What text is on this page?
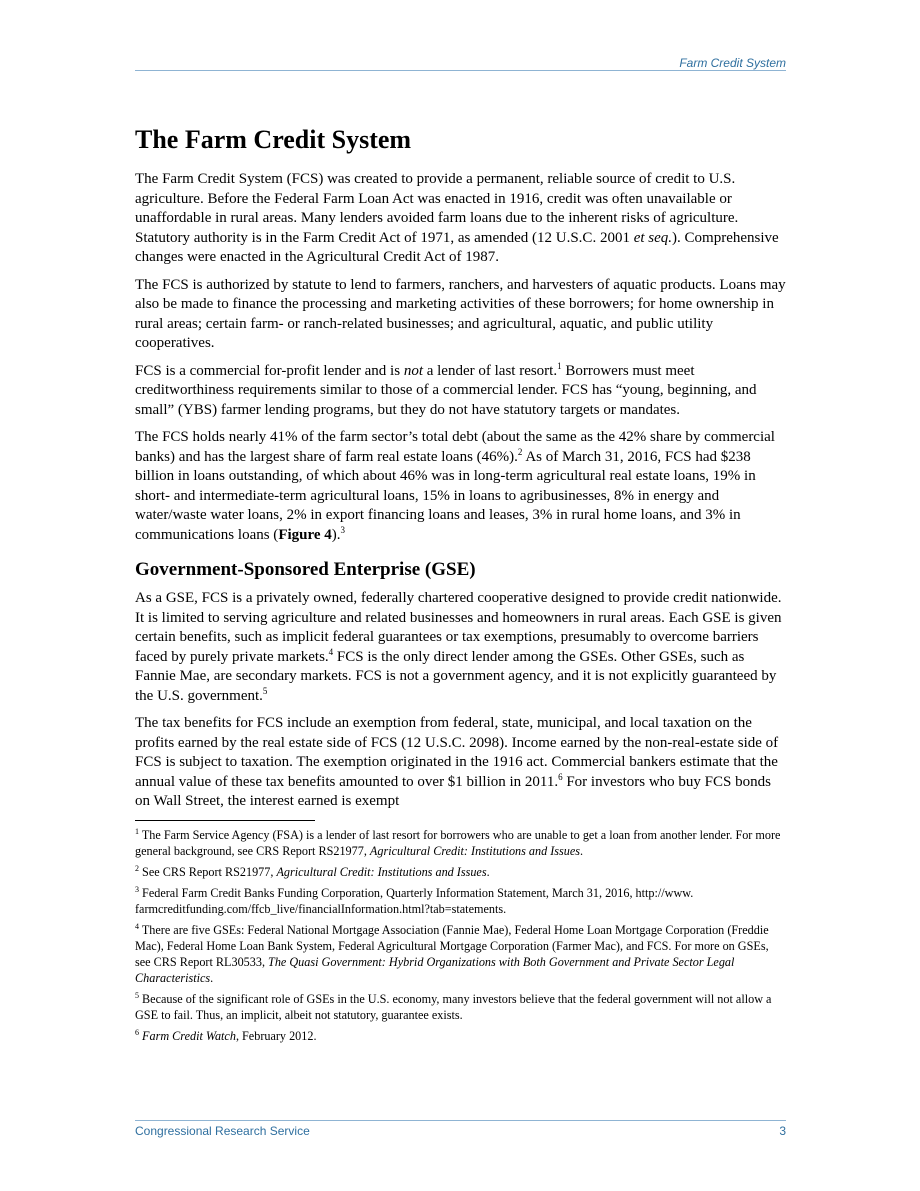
Farm Credit System
The Farm Credit System

The Farm Credit System (FCS) was created to provide a permanent, reliable source of credit to U.S. agriculture. Before the Federal Farm Loan Act was enacted in 1916, credit was often unavailable or unaffordable in rural areas. Many lenders avoided farm loans due to the inherent risks of agriculture. Statutory authority is in the Farm Credit Act of 1971, as amended (12 U.S.C. 2001 et seq.). Comprehensive changes were enacted in the Agricultural Credit Act of 1987.

The FCS is authorized by statute to lend to farmers, ranchers, and harvesters of aquatic products. Loans may also be made to finance the processing and marketing activities of these borrowers; for home ownership in rural areas; certain farm- or ranch-related businesses; and agricultural, aquatic, and public utility cooperatives.

FCS is a commercial for-profit lender and is not a lender of last resort.$^1$ Borrowers must meet creditworthiness requirements similar to those of a commercial lender. FCS has “young, beginning, and small” (YBS) farmer lending programs, but they do not have statutory targets or mandates.

The FCS holds nearly 41% of the farm sector’s total debt (about the same as the 42% share by commercial banks) and has the largest share of farm real estate loans (46%).$^2$ As of March 31, 2016, FCS had $238 billion in loans outstanding, of which about 46% was in long-term agricultural real estate loans, 19% in short- and intermediate-term agricultural loans, 15% in loans to agribusinesses, 8% in energy and water/waste water loans, 2% in export financing loans and leases, 3% in rural home loans, and 3% in communications loans (Figure 4).$^3$

Government-Sponsored Enterprise (GSE)

As a GSE, FCS is a privately owned, federally chartered cooperative designed to provide credit nationwide. It is limited to serving agriculture and related businesses and homeowners in rural areas. Each GSE is given certain benefits, such as implicit federal guarantees or tax exemptions, presumably to overcome barriers faced by purely private markets.$^4$ FCS is the only direct lender among the GSEs. Other GSEs, such as Fannie Mae, are secondary markets. FCS is not a government agency, and it is not explicitly guaranteed by the U.S. government.$^5$

The tax benefits for FCS include an exemption from federal, state, municipal, and local taxation on the profits earned by the real estate side of FCS (12 U.S.C. 2098). Income earned by the non-real-estate side of FCS is subject to taxation. The exemption originated in the 1916 act. Commercial bankers estimate that the annual value of these tax benefits amounted to over $1 billion in 2011.$^6$ For investors who buy FCS bonds on Wall Street, the interest earned is exempt

$^1$ The Farm Service Agency (FSA) is a lender of last resort for borrowers who are unable to get a loan from another lender. For more general background, see CRS Report RS21977, Agricultural Credit: Institutions and Issues.
$^2$ See CRS Report RS21977, Agricultural Credit: Institutions and Issues.
$^3$ Federal Farm Credit Banks Funding Corporation, Quarterly Information Statement, March 31, 2016, http://www. farmcreditfunding.com/ffcb_live/financialInformation.html?tab=statements.
$^4$ There are five GSEs: Federal National Mortgage Association (Fannie Mae), Federal Home Loan Mortgage Corporation (Freddie Mac), Federal Home Loan Bank System, Federal Agricultural Mortgage Corporation (Farmer Mac), and FCS. For more on GSEs, see CRS Report RL30533, The Quasi Government: Hybrid Organizations with Both Government and Private Sector Legal Characteristics.
$^5$ Because of the significant role of GSEs in the U.S. economy, many investors believe that the federal government will not allow a GSE to fail. Thus, an implicit, albeit not statutory, guarantee exists.
$^6$ Farm Credit Watch, February 2012.
Congressional Research Service	3
